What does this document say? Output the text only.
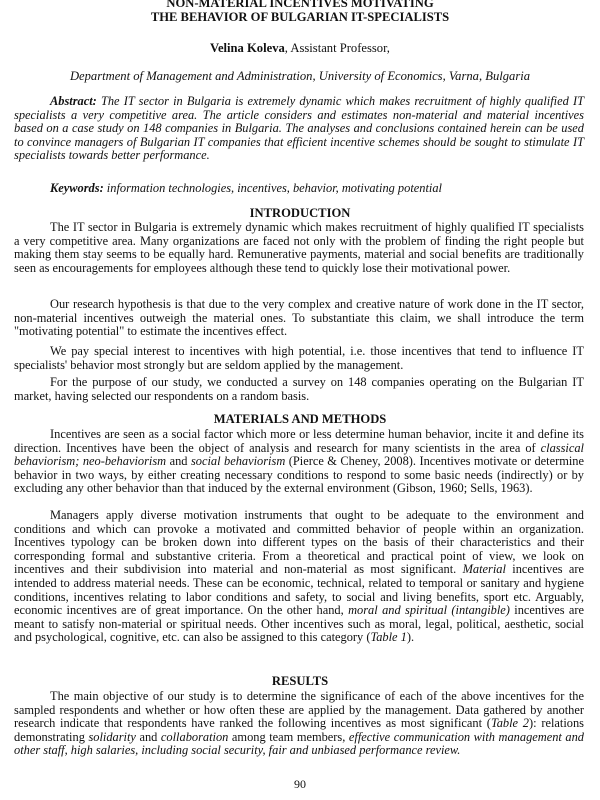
NON-MATERIAL INCENTIVES MOTIVATING

THE BEHAVIOR OF BULGARIAN IT-SPECIALISTS

Velina Koleva, Assistant Professor,

Department of Management and Administration, University of Economics, Varna, Bulgaria

Abstract: The IT sector in Bulgaria is extremely dynamic which makes recruitment of highly qualified IT specialists a very competitive area. The article considers and estimates non-material and material incentives based on a case study on 148 companies in Bulgaria. The analyses and conclusions contained herein can be used to convince managers of Bulgarian IT companies that efficient incentive schemes should be sought to stimulate IT specialists towards better performance.

Keywords: information technologies, incentives, behavior, motivating potential

INTRODUCTION

The IT sector in Bulgaria is extremely dynamic which makes recruitment of highly qualified IT specialists a very competitive area. Many organizations are faced not only with the problem of finding the right people but making them stay seems to be equally hard. Remunerative payments, material and social benefits are traditionally seen as encouragements for employees although these tend to quickly lose their motivational power.

Our research hypothesis is that due to the very complex and creative nature of work done in the IT sector, non-material incentives outweigh the material ones. To substantiate this claim, we shall introduce the term "motivating potential" to estimate the incentives effect.

We pay special interest to incentives with high potential, i.e. those incentives that tend to influence IT specialists' behavior most strongly but are seldom applied by the management.

For the purpose of our study, we conducted a survey on 148 companies operating on the Bulgarian IT market, having selected our respondents on a random basis.

MATERIALS AND METHODS

Incentives are seen as a social factor which more or less determine human behavior, incite it and define its direction. Incentives have been the object of analysis and research for many scientists in the area of classical behaviorism; neo-behaviorism and social behaviorism (Pierce & Cheney, 2008). Incentives motivate or determine behavior in two ways, by either creating necessary conditions to respond to some basic needs (indirectly) or by excluding any other behavior than that induced by the external environment (Gibson, 1960; Sells, 1963).

Managers apply diverse motivation instruments that ought to be adequate to the environment and conditions and which can provoke a motivated and committed behavior of people within an organization. Incentives typology can be broken down into different types on the basis of their characteristics and their corresponding formal and substantive criteria. From a theoretical and practical point of view, we look on incentives and their subdivision into material and non-material as most significant. Material incentives are intended to address material needs. These can be economic, technical, related to temporal or sanitary and hygiene conditions, incentives relating to labor conditions and safety, to social and living benefits, sport etc. Arguably, economic incentives are of great importance. On the other hand, moral and spiritual (intangible) incentives are meant to satisfy non-material or spiritual needs. Other incentives such as moral, legal, political, aesthetic, social and psychological, cognitive, etc. can also be assigned to this category (Table 1).

RESULTS

The main objective of our study is to determine the significance of each of the above incentives for the sampled respondents and whether or how often these are applied by the management. Data gathered by another research indicate that respondents have ranked the following incentives as most significant (Table 2): relations demonstrating solidarity and collaboration among team members, effective communication with management and other staff, high salaries, including social security, fair and unbiased performance review.

90
